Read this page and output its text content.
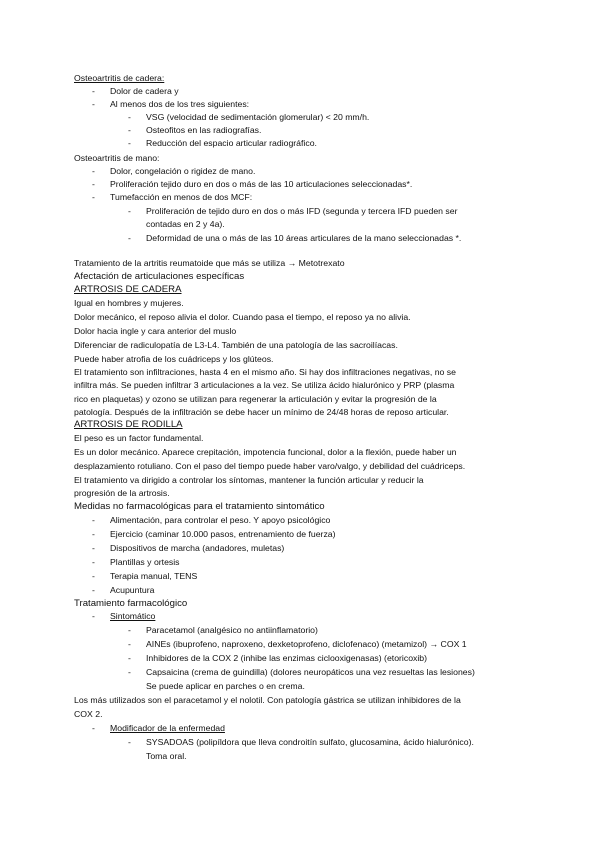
Osteoartritis de cadera:
- Dolor de cadera y
- Al menos dos de los tres siguientes:
- VSG (velocidad de sedimentación glomerular) < 20 mm/h.
- Osteofitos en las radiografías.
- Reducción del espacio articular radiográfico.
Osteoartritis de mano:
- Dolor, congelación o rigidez de mano.
- Proliferación tejido duro en dos o más de las 10 articulaciones seleccionadas*.
- Tumefacción en menos de dos MCF:
- Proliferación de tejido duro en dos o más IFD (segunda y tercera IFD pueden ser
contadas en 2 y 4a).
- Deformidad de una o más de las 10 áreas articulares de la mano seleccionadas *.
Tratamiento de la artritis reumatoide que más se utiliza → Metotrexato
Afectación de articulaciones específicas
ARTROSIS DE CADERA
Igual en hombres y mujeres.
Dolor mecánico, el reposo alivia el dolor. Cuando pasa el tiempo, el reposo ya no alivia.
Dolor hacia ingle y cara anterior del muslo
Diferenciar de radiculopatía de L3-L4. También de una patología de las sacroilíacas.
Puede haber atrofia de los cuádriceps y los glúteos.
El tratamiento son infiltraciones, hasta 4 en el mismo año. Si hay dos infiltraciones negativas, no se
infiltra más. Se pueden infiltrar 3 articulaciones a la vez. Se utiliza ácido hialurónico y PRP (plasma
rico en plaquetas) y ozono se utilizan para regenerar la articulación y evitar la progresión de la
patología. Después de la infiltración se debe hacer un mínimo de 24/48 horas de reposo articular.
ARTROSIS DE RODILLA
El peso es un factor fundamental.
Es un dolor mecánico. Aparece crepitación, impotencia funcional, dolor a la flexión, puede haber un
desplazamiento rotuliano. Con el paso del tiempo puede haber varo/valgo, y debilidad del cuádriceps.
El tratamiento va dirigido a controlar los síntomas, mantener la función articular y reducir la
progresión de la artrosis.
Medidas no farmacológicas para el tratamiento sintomático
- Alimentación, para controlar el peso. Y apoyo psicológico
- Ejercicio (caminar 10.000 pasos, entrenamiento de fuerza)
- Dispositivos de marcha (andadores, muletas)
- Plantillas y ortesis
- Terapia manual, TENS
- Acupuntura
Tratamiento farmacológico
- Sintomático
- Paracetamol (analgésico no antiinflamatorio)
- AINEs (ibuprofeno, naproxeno, dexketoprofeno, diclofenaco) (metamizol) → COX 1
- Inhibidores de la COX 2 (inhibe las enzimas ciclooxigenasas) (etoricoxib)
- Capsaicina (crema de guindilla) (dolores neuropáticos una vez resueltas las lesiones)
Se puede aplicar en parches o en crema.
Los más utilizados son el paracetamol y el nolotil. Con patología gástrica se utilizan inhibidores de la
COX 2.
- Modificador de la enfermedad
- SYSADOAS (polipíldora que lleva condroitín sulfato, glucosamina, ácido hialurónico).
Toma oral.
